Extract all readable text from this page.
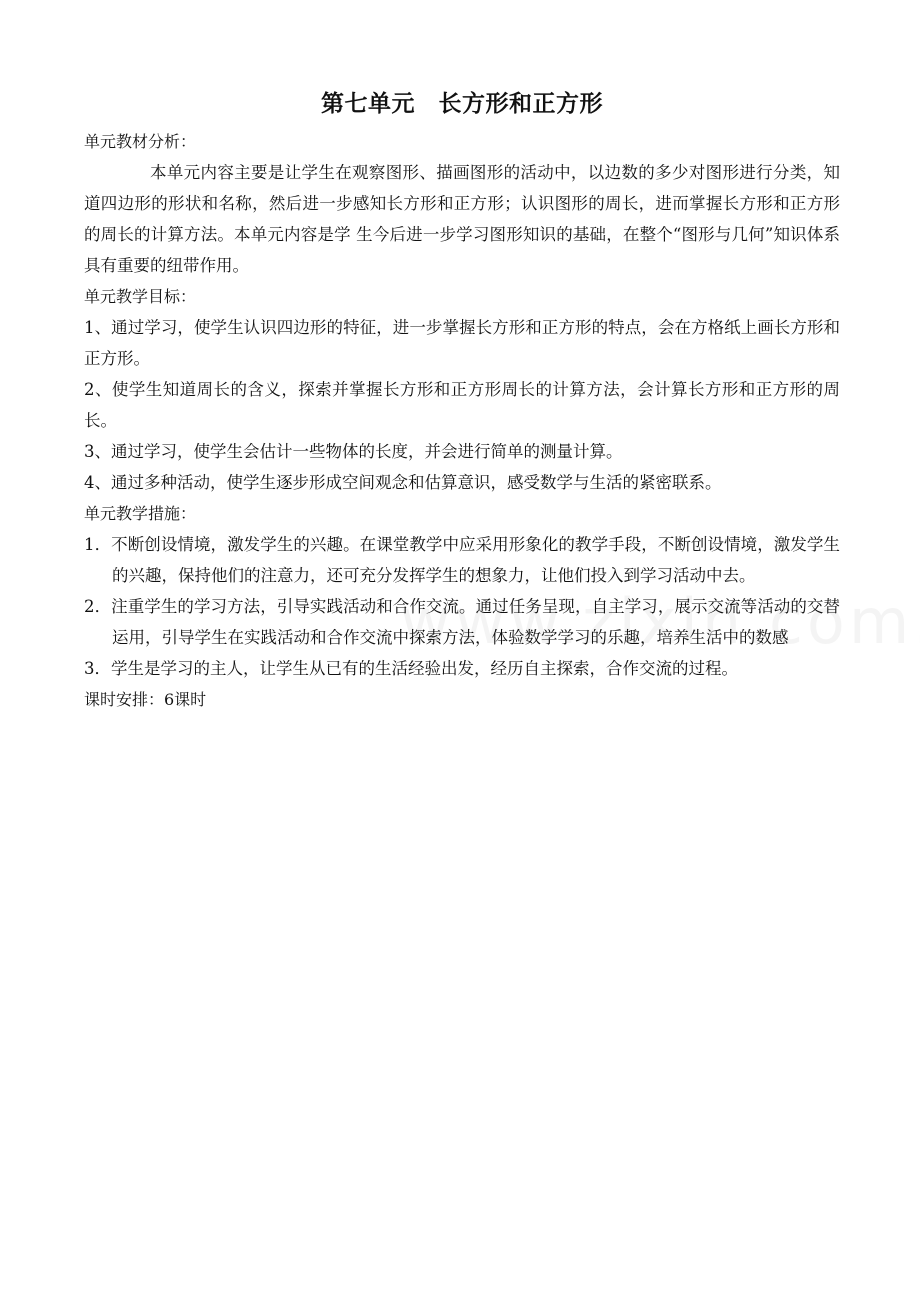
第七单元　长方形和正方形

单元教材分析：

本单元内容主要是让学生在观察图形、描画图形的活动中，以边数的多少对图形进行分类，知道四边形的形状和名称，然后进一步感知长方形和正方形；认识图形的周长，进而掌握长方形和正方形的周长的计算方法。本单元内容是学 生今后进一步学习图形知识的基础，在整个“图形与几何”知识体系具有重要的纽带作用。

单元教学目标：

1、通过学习，使学生认识四边形的特征，进一步掌握长方形和正方形的特点，会在方格纸上画长方形和正方形。

2、使学生知道周长的含义，探索并掌握长方形和正方形周长的计算方法，会计算长方形和正方形的周长。

3、通过学习，使学生会估计一些物体的长度，并会进行简单的测量计算。

4、通过多种活动，使学生逐步形成空间观念和估算意识，感受数学与生活的紧密联系。

单元教学措施：

1．不断创设情境，激发学生的兴趣。在课堂教学中应采用形象化的教学手段，不断创设情境，激发学生的兴趣，保持他们的注意力，还可充分发挥学生的想象力，让他们投入到学习活动中去。

2．注重学生的学习方法，引导实践活动和合作交流。通过任务呈现，自主学习，展示交流等活动的交替运用，引导学生在实践活动和合作交流中探索方法，体验数学学习的乐趣，培养生活中的数感

3．学生是学习的主人，让学生从已有的生活经验出发，经历自主探索，合作交流的过程。

课时安排：6课时
